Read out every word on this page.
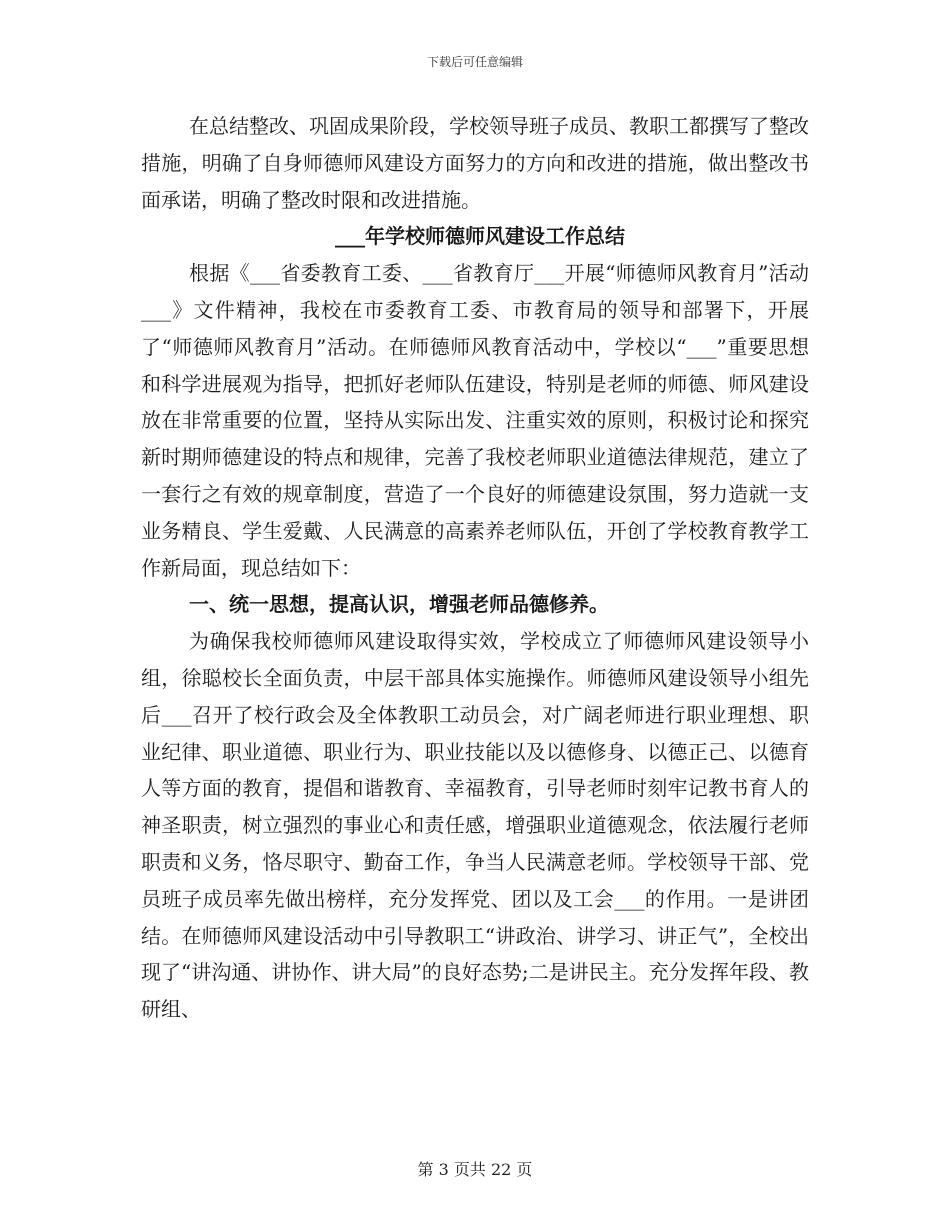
下载后可任意编辑

在总结整改、巩固成果阶段，学校领导班子成员、教职工都撰写了整改措施，明确了自身师德师风建设方面努力的方向和改进的措施，做出整改书面承诺，明确了整改时限和改进措施。

___年学校师德师风建设工作总结

根据《___省委教育工委、___省教育厅___开展“师德师风教育月”活动___》文件精神，我校在市委教育工委、市教育局的领导和部署下，开展了“师德师风教育月”活动。在师德师风教育活动中，学校以“___”重要思想和科学进展观为指导，把抓好老师队伍建设，特别是老师的师德、师风建设放在非常重要的位置，坚持从实际出发、注重实效的原则，积极讨论和探究新时期师德建设的特点和规律，完善了我校老师职业道德法律规范，建立了一套行之有效的规章制度，营造了一个良好的师德建设氛围，努力造就一支业务精良、学生爱戴、人民满意的高素养老师队伍，开创了学校教育教学工作新局面，现总结如下：

一、统一思想，提高认识，增强老师品德修养。

为确保我校师德师风建设取得实效，学校成立了师德师风建设领导小组，徐聪校长全面负责，中层干部具体实施操作。师德师风建设领导小组先后___召开了校行政会及全体教职工动员会，对广阔老师进行职业理想、职业纪律、职业道德、职业行为、职业技能以及以德修身、以德正己、以德育人等方面的教育，提倡和谐教育、幸福教育，引导老师时刻牢记教书育人的神圣职责，树立强烈的事业心和责任感，增强职业道德观念，依法履行老师职责和义务，恪尽职守、勤奋工作，争当人民满意老师。学校领导干部、党员班子成员率先做出榜样，充分发挥党、团以及工会___的作用。一是讲团结。在师德师风建设活动中引导教职工“讲政治、讲学习、讲正气”，全校出现了“讲沟通、讲协作、讲大局”的良好态势;二是讲民主。充分发挥年段、教研组、

第 3 页共 22 页
